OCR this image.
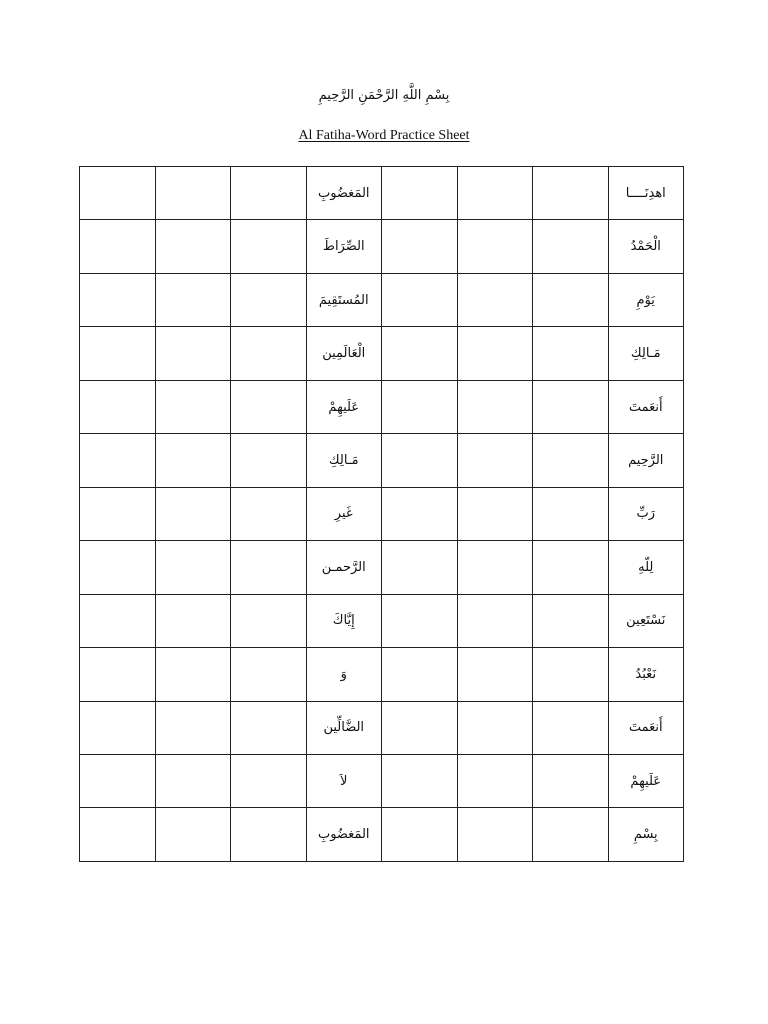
بِسْمِ اللَّهِ الرَّحْمَنِ الرَّحِيمِ
Al Fatiha-Word Practice Sheet
			المَغضُوبِ				اهدِنَــــا
			الصِّرَاطَ				الْحَمْدُ
			المُستَقِيمَ				يَوْمِ
			الْعَالَمِين				مَـالِكِ
			عَلَيهِمْ				أَنعَمتَ
			مَـالِكِ				الرَّحِيم
			غَيرِ				رَبِّ
			الرَّحمـن				لِلّهِ
			إِيَّاكَ				نَسْتَعِين
			وَ				نَعْبُدُ
			الضَّالِّين				أَنعَمتَ
			لاَ				عَلَيهِمْ
			المَغضُوبِ				بِسْمِ
